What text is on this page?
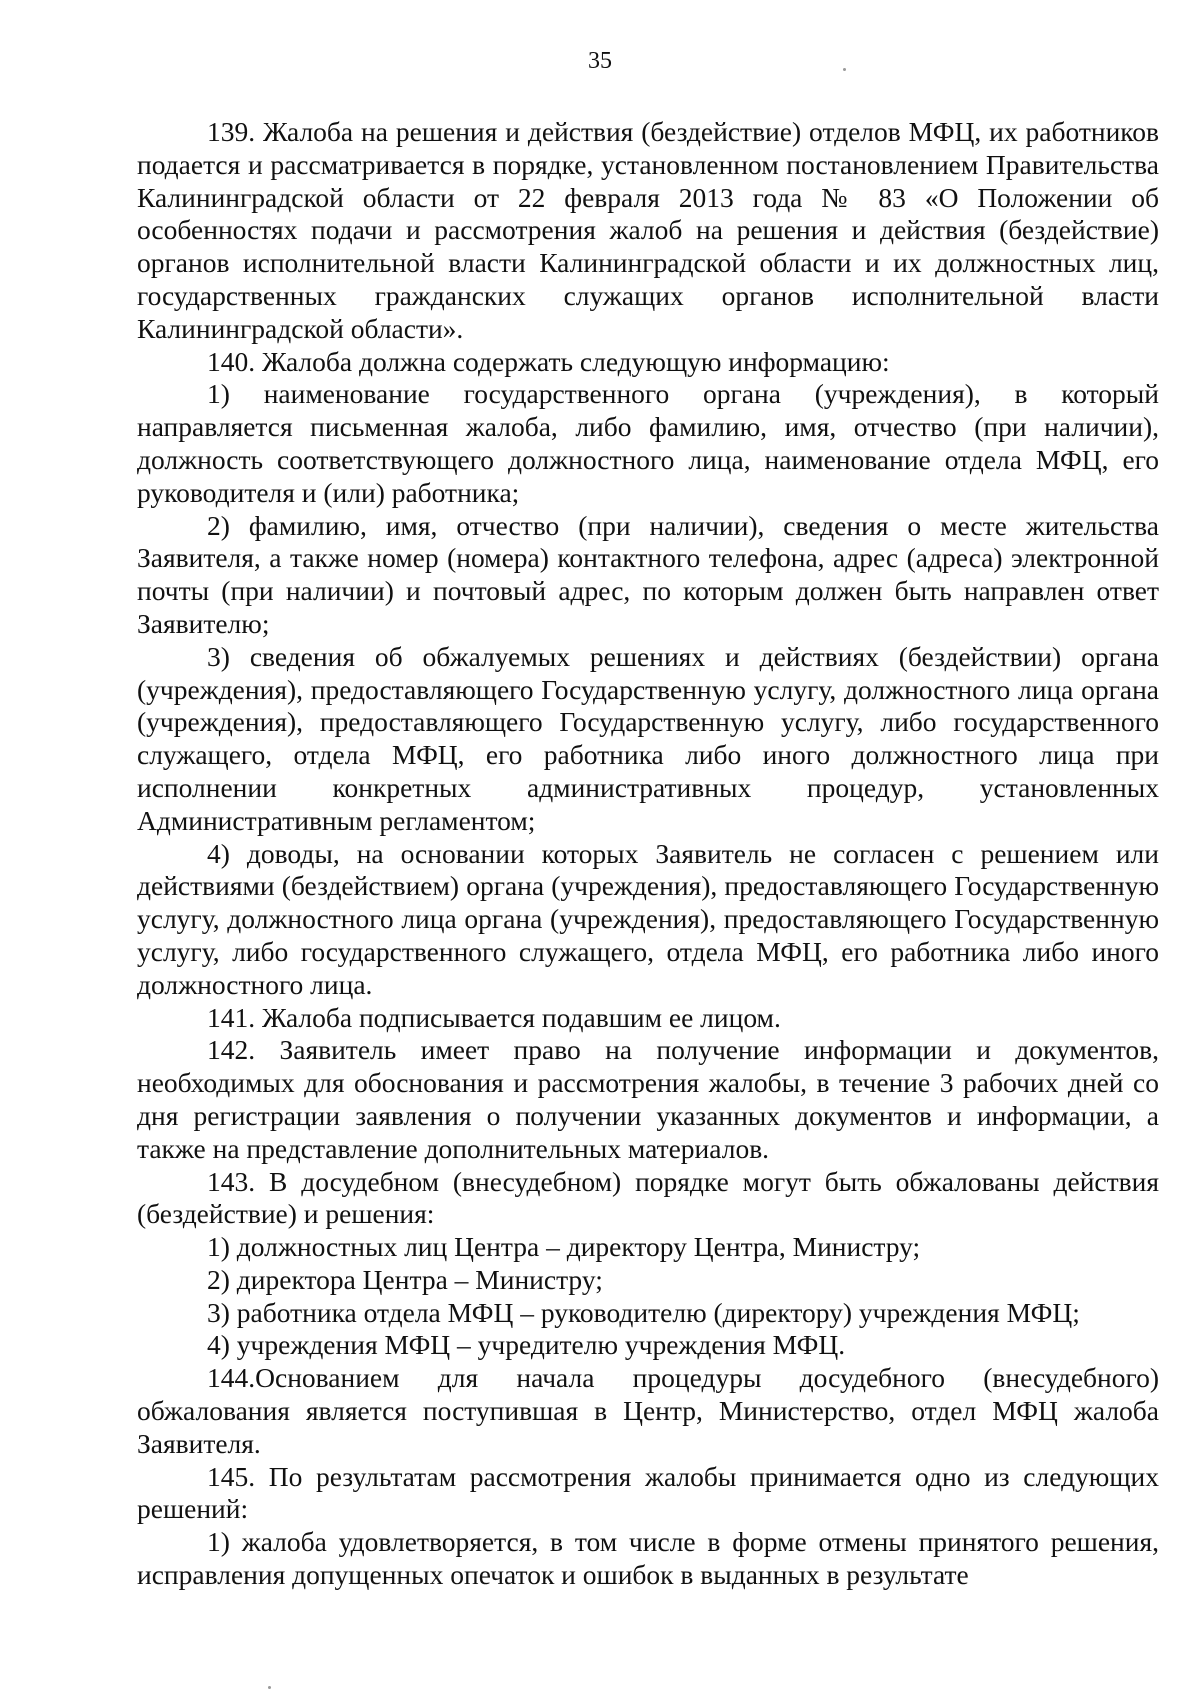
35

139. Жалоба на решения и действия (бездействие) отделов МФЦ, их работников подается и рассматривается в порядке, установленном постановлением Правительства Калининградской области от 22 февраля 2013 года № 83 «О Положении об особенностях подачи и рассмотрения жалоб на решения и действия (бездействие) органов исполнительной власти Калининградской области и их должностных лиц, государственных гражданских служащих органов исполнительной власти Калининградской области».

140. Жалоба должна содержать следующую информацию:

1) наименование государственного органа (учреждения), в который направляется письменная жалоба, либо фамилию, имя, отчество (при наличии), должность соответствующего должностного лица, наименование отдела МФЦ, его руководителя и (или) работника;

2) фамилию, имя, отчество (при наличии), сведения о месте жительства Заявителя, а также номер (номера) контактного телефона, адрес (адреса) электронной почты (при наличии) и почтовый адрес, по которым должен быть направлен ответ Заявителю;

3) сведения об обжалуемых решениях и действиях (бездействии) органа (учреждения), предоставляющего Государственную услугу, должностного лица органа (учреждения), предоставляющего Государственную услугу, либо государственного служащего, отдела МФЦ, его работника либо иного должностного лица при исполнении конкретных административных процедур, установленных Административным регламентом;

4) доводы, на основании которых Заявитель не согласен с решением или действиями (бездействием) органа (учреждения), предоставляющего Государственную услугу, должностного лица органа (учреждения), предоставляющего Государственную услугу, либо государственного служащего, отдела МФЦ, его работника либо иного должностного лица.

141. Жалоба подписывается подавшим ее лицом.

142. Заявитель имеет право на получение информации и документов, необходимых для обоснования и рассмотрения жалобы, в течение 3 рабочих дней со дня регистрации заявления о получении указанных документов и информации, а также на представление дополнительных материалов.

143. В досудебном (внесудебном) порядке могут быть обжалованы действия (бездействие) и решения:

1) должностных лиц Центра – директору Центра, Министру;

2) директора Центра – Министру;

3) работника отдела МФЦ – руководителю (директору) учреждения МФЦ;

4) учреждения МФЦ – учредителю учреждения МФЦ.

144.Основанием для начала процедуры досудебного (внесудебного) обжалования является поступившая в Центр, Министерство, отдел МФЦ жалоба Заявителя.

145. По результатам рассмотрения жалобы принимается одно из следующих решений:

1) жалоба удовлетворяется, в том числе в форме отмены принятого решения, исправления допущенных опечаток и ошибок в выданных в результате
